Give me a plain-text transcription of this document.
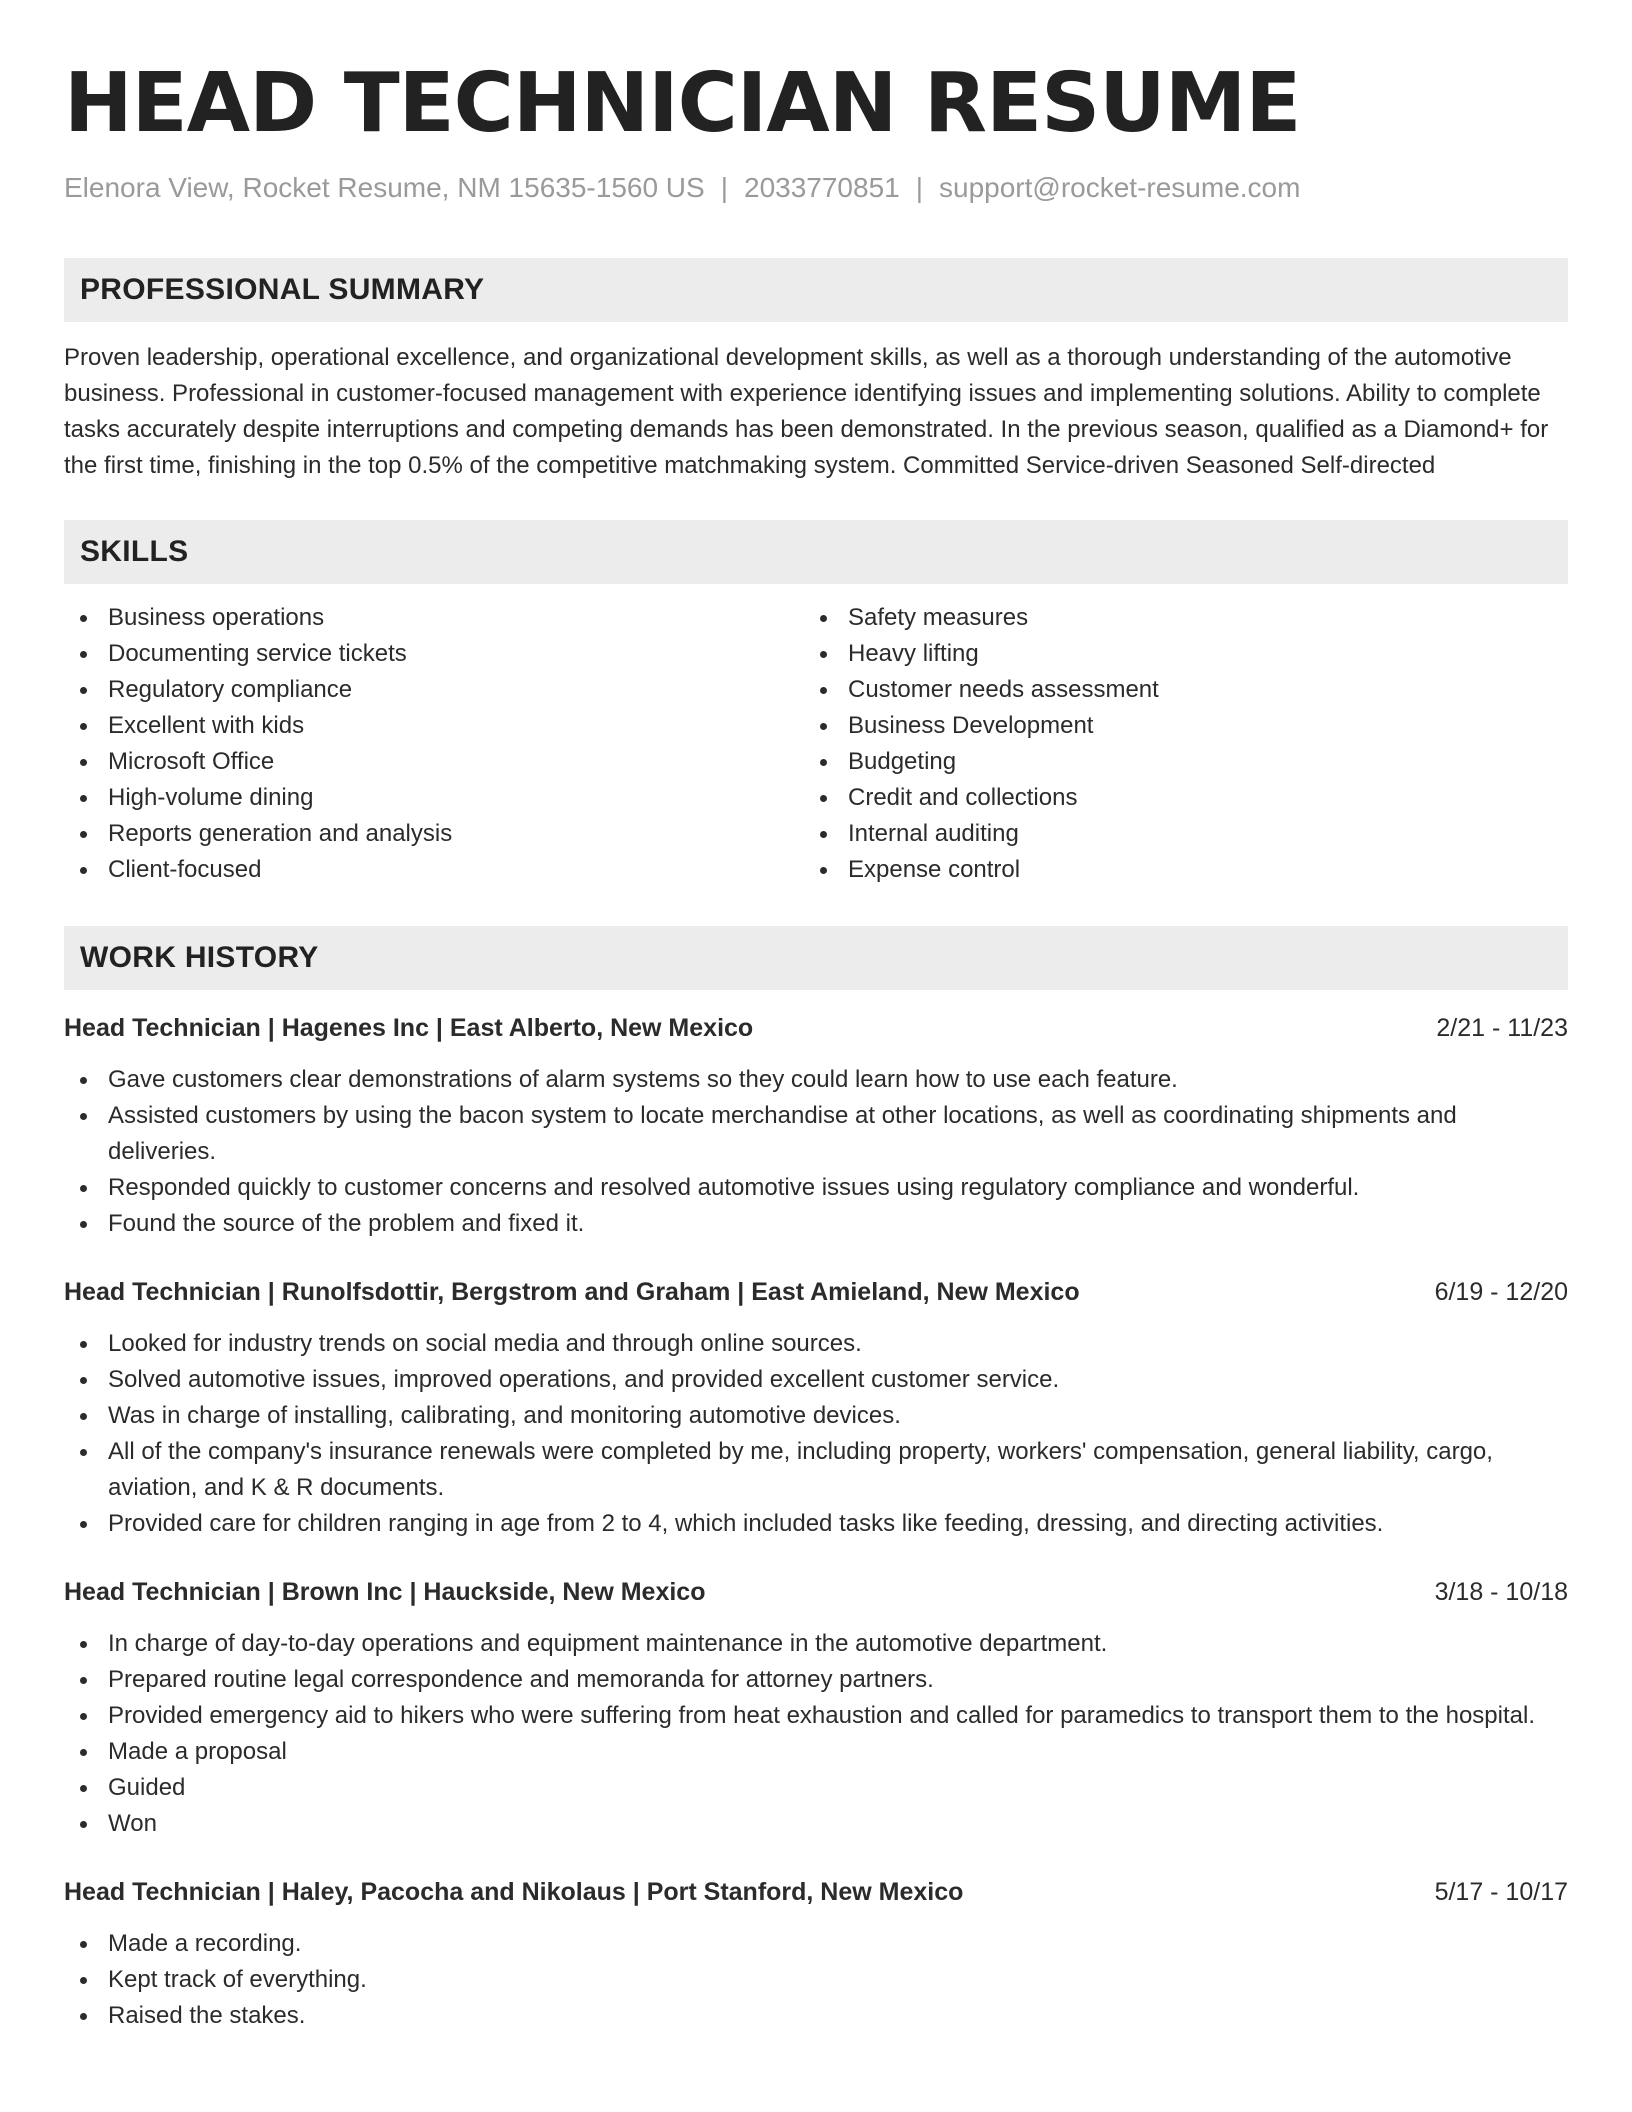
HEAD TECHNICIAN RESUME
Elenora View, Rocket Resume, NM 15635-1560 US | 2033770851 | support@rocket-resume.com
PROFESSIONAL SUMMARY

Proven leadership, operational excellence, and organizational development skills, as well as a thorough understanding of the automotive business. Professional in customer-focused management with experience identifying issues and implementing solutions. Ability to complete tasks accurately despite interruptions and competing demands has been demonstrated. In the previous season, qualified as a Diamond+ for the first time, finishing in the top 0.5% of the competitive matchmaking system. Committed Service-driven Seasoned Self-directed

SKILLS
Business operations
Documenting service tickets
Regulatory compliance
Excellent with kids
Microsoft Office
High-volume dining
Reports generation and analysis
Client-focused
Safety measures
Heavy lifting
Customer needs assessment
Business Development
Budgeting
Credit and collections
Internal auditing
Expense control
WORK HISTORY
Head Technician | Hagenes Inc | East Alberto, New Mexico	2/21 - 11/23
Gave customers clear demonstrations of alarm systems so they could learn how to use each feature.
Assisted customers by using the bacon system to locate merchandise at other locations, as well as coordinating shipments and deliveries.
Responded quickly to customer concerns and resolved automotive issues using regulatory compliance and wonderful.
Found the source of the problem and fixed it.
Head Technician | Runolfsdottir, Bergstrom and Graham | East Amieland, New Mexico	6/19 - 12/20
Looked for industry trends on social media and through online sources.
Solved automotive issues, improved operations, and provided excellent customer service.
Was in charge of installing, calibrating, and monitoring automotive devices.
All of the company's insurance renewals were completed by me, including property, workers' compensation, general liability, cargo, aviation, and K & R documents.
Provided care for children ranging in age from 2 to 4, which included tasks like feeding, dressing, and directing activities.
Head Technician | Brown Inc | Hauckside, New Mexico	3/18 - 10/18
In charge of day-to-day operations and equipment maintenance in the automotive department.
Prepared routine legal correspondence and memoranda for attorney partners.
Provided emergency aid to hikers who were suffering from heat exhaustion and called for paramedics to transport them to the hospital.
Made a proposal
Guided
Won
Head Technician | Haley, Pacocha and Nikolaus | Port Stanford, New Mexico	5/17 - 10/17
Made a recording.
Kept track of everything.
Raised the stakes.
